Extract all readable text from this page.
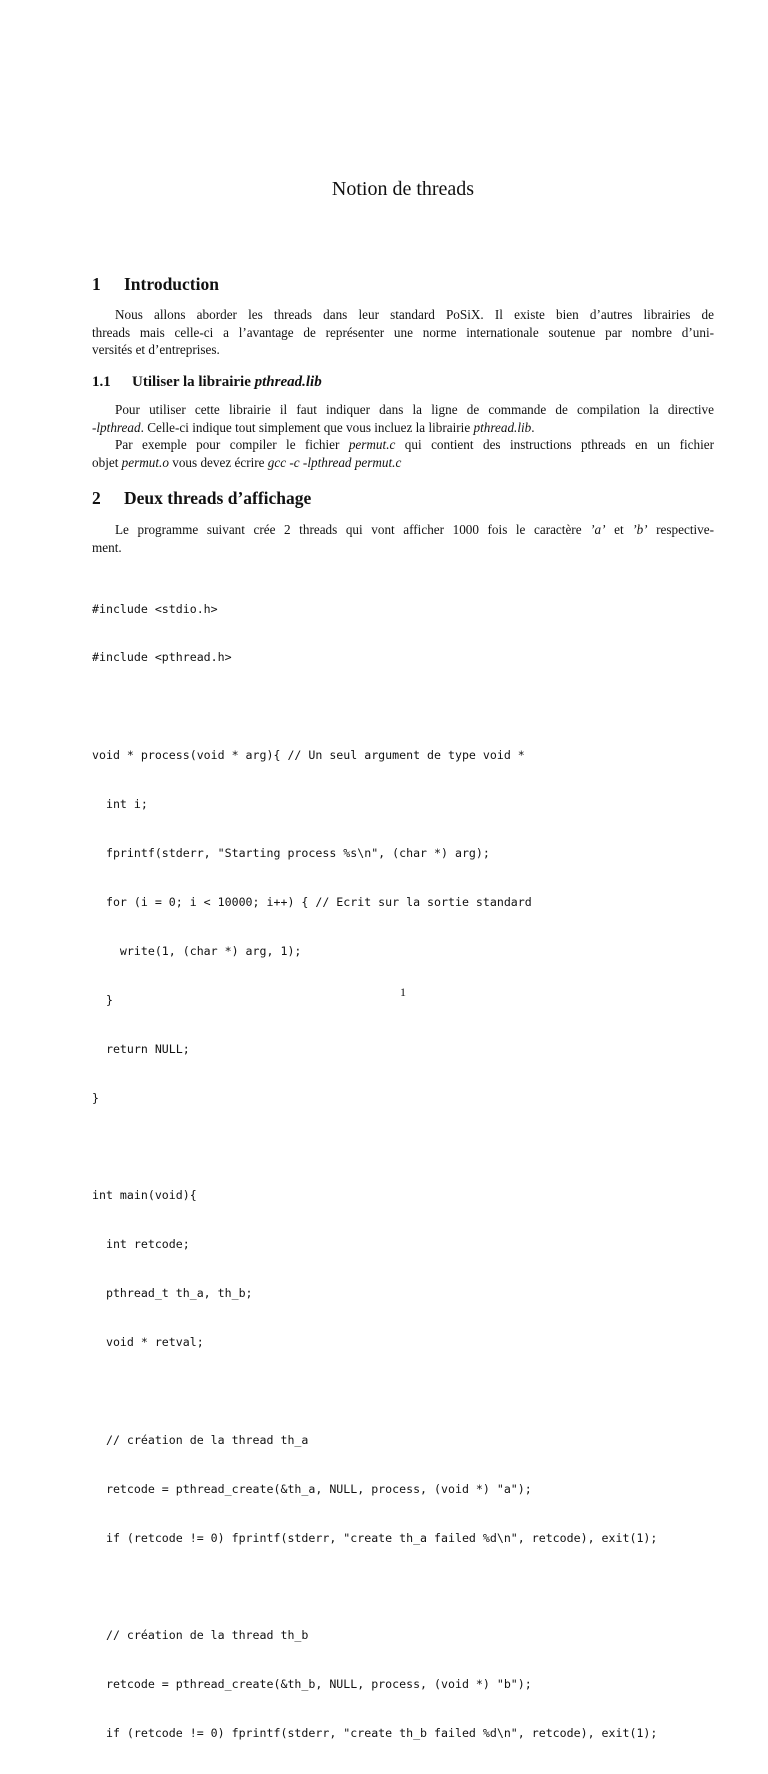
Notion de threads
1 Introduction
Nous allons aborder les threads dans leur standard PoSiX. Il existe bien d’autres librairies de
threads mais celle-ci a l’avantage de représenter une norme internationale soutenue par nombre d’uni-
versités et d’entreprises.
1.1 Utiliser la librairie pthread.lib
Pour utiliser cette librairie il faut indiquer dans la ligne de commande de compilation la directive
-lpthread. Celle-ci indique tout simplement que vous incluez la librairie pthread.lib.
Par exemple pour compiler le fichier permut.c qui contient des instructions pthreads en un fichier
objet permut.o vous devez écrire gcc -c -lpthread permut.c
2 Deux threads d’affichage
Le programme suivant crée 2 threads qui vont afficher 1000 fois le caractère ’a’ et ’b’ respective-
ment.

#include <stdio.h>

#include <pthread.h>

void * process(void * arg){ // Un seul argument de type void *

int i;

fprintf(stderr, "Starting process %s\n", (char *) arg);

for (i = 0; i < 10000; i++) { // Ecrit sur la sortie standard

write(1, (char *) arg, 1);

}

return NULL;

}

int main(void){

int retcode;

pthread_t th_a, th_b;

void * retval;

// création de la thread th_a

retcode = pthread_create(&th_a, NULL, process, (void *) "a");

if (retcode != 0) fprintf(stderr, "create th_a failed %d\n", retcode), exit(1);

// création de la thread th_b

retcode = pthread_create(&th_b, NULL, process, (void *) "b");

if (retcode != 0) fprintf(stderr, "create th_b failed %d\n", retcode), exit(1);

1
